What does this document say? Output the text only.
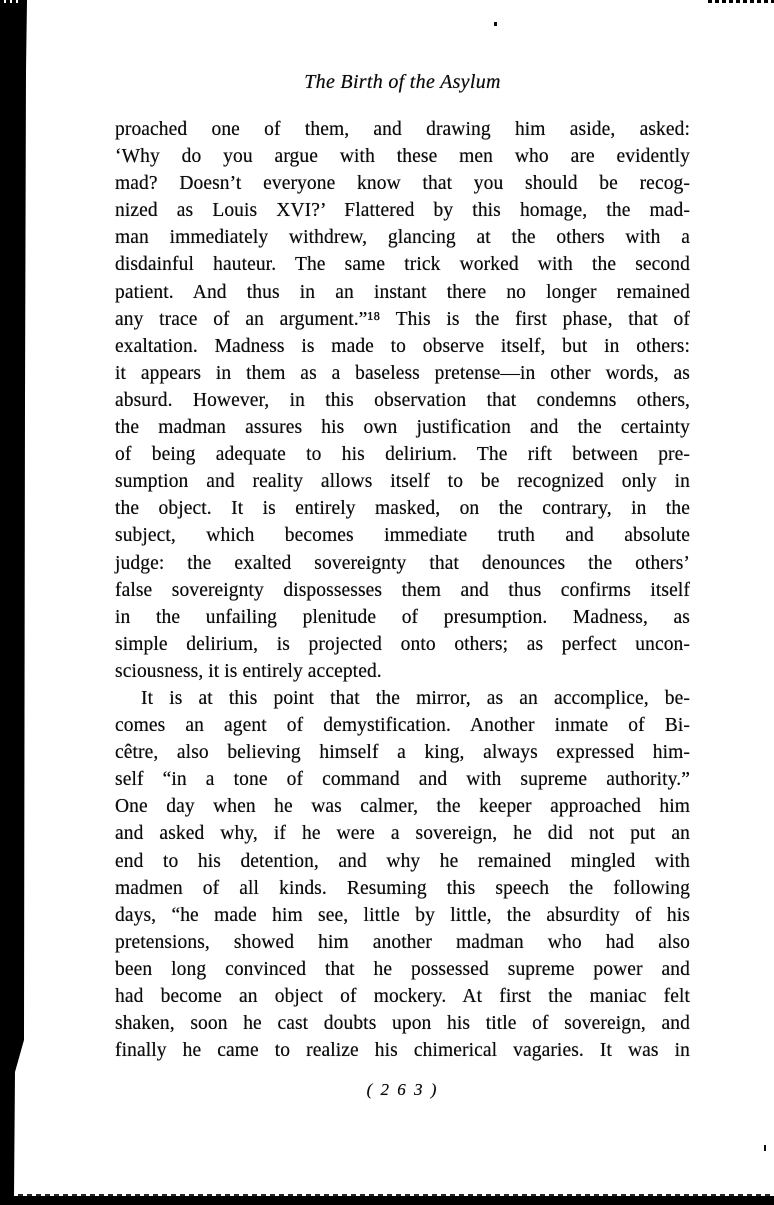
The Birth of the Asylum
proached one of them, and drawing him aside, asked:
‘Why do you argue with these men who are evidently
mad? Doesn’t everyone know that you should be recog-
nized as Louis XVI?’ Flattered by this homage, the mad-
man immediately withdrew, glancing at the others with a
disdainful hauteur. The same trick worked with the second
patient. And thus in an instant there no longer remained
any trace of an argument.”¹⁸ This is the first phase, that of
exaltation. Madness is made to observe itself, but in others:
it appears in them as a baseless pretense—in other words, as
absurd. However, in this observation that condemns others,
the madman assures his own justification and the certainty
of being adequate to his delirium. The rift between pre-
sumption and reality allows itself to be recognized only in
the object. It is entirely masked, on the contrary, in the
subject, which becomes immediate truth and absolute
judge: the exalted sovereignty that denounces the others’
false sovereignty dispossesses them and thus confirms itself
in the unfailing plenitude of presumption. Madness, as
simple delirium, is projected onto others; as perfect uncon-
sciousness, it is entirely accepted.
It is at this point that the mirror, as an accomplice, be-
comes an agent of demystification. Another inmate of Bi-
cêtre, also believing himself a king, always expressed him-
self “in a tone of command and with supreme authority.”
One day when he was calmer, the keeper approached him
and asked why, if he were a sovereign, he did not put an
end to his detention, and why he remained mingled with
madmen of all kinds. Resuming this speech the following
days, “he made him see, little by little, the absurdity of his
pretensions, showed him another madman who had also
been long convinced that he possessed supreme power and
had become an object of mockery. At first the maniac felt
shaken, soon he cast doubts upon his title of sovereign, and
finally he came to realize his chimerical vagaries. It was in
( 2 6 3 )
